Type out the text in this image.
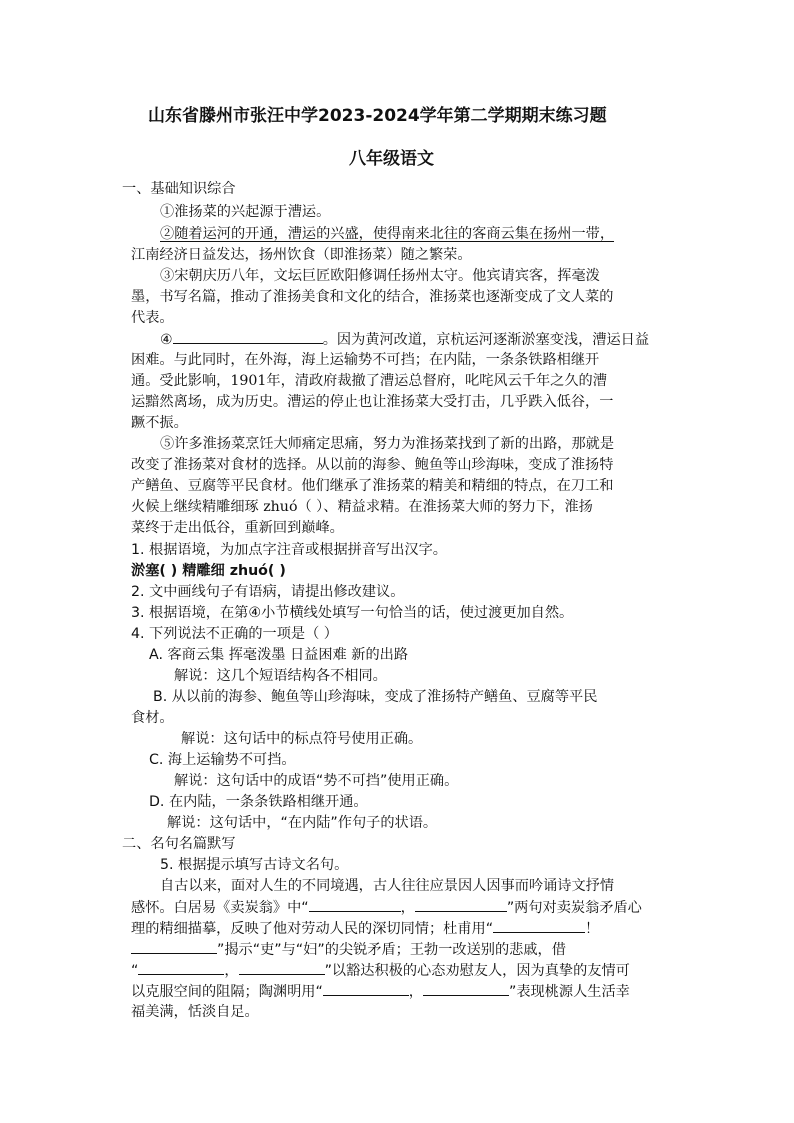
山东省滕州市张汪中学2023-2024学年第二学期期末练习题
八年级语文
一、基础知识综合
①淮扬菜的兴起源于漕运。
②随着运河的开通，漕运的兴盛，使得南来北往的客商云集在扬州一带，
江南经济日益发达，扬州饮食（即淮扬菜）随之繁荣。
③宋朝庆历八年，文坛巨匠欧阳修调任扬州太守。他宾请宾客，挥毫泼
墨，书写名篇，推动了淮扬美食和文化的结合，淮扬菜也逐渐变成了文人菜的
代表。
④	。因为黄河改道，京杭运河逐渐淤塞变浅，漕运日益
困难。与此同时，在外海，海上运输势不可挡；在内陆，一条条铁路相继开
通。受此影响，1901年，清政府裁撤了漕运总督府，叱咤风云千年之久的漕
运黯然离场，成为历史。漕运的停止也让淮扬菜大受打击，几乎跌入低谷，一
蹶不振。
⑤许多淮扬菜烹饪大师痛定思痛，努力为淮扬菜找到了新的出路，那就是
改变了淮扬菜对食材的选择。从以前的海参、鲍鱼等山珍海味，变成了淮扬特
产鳝鱼、豆腐等平民食材。他们继承了淮扬菜的精美和精细的特点，在刀工和
火候上继续精雕细琢 zhuó（ ）、精益求精。在淮扬菜大师的努力下，淮扬
菜终于走出低谷，重新回到巅峰。
1. 根据语境，为加点字注音或根据拼音写出汉字。
淤塞( ) 精雕细 zhuó( )
2. 文中画线句子有语病，请提出修改建议。
3. 根据语境，在第④小节横线处填写一句恰当的话，使过渡更加自然。
4. 下列说法不正确的一项是（ ）
A. 客商云集 挥毫泼墨 日益困难 新的出路
解说：这几个短语结构各不相同。
B. 从以前的海参、鲍鱼等山珍海味，变成了淮扬特产鳝鱼、豆腐等平民
食材。
解说：这句话中的标点符号使用正确。
C. 海上运输势不可挡。
解说：这句话中的成语“势不可挡”使用正确。
D. 在内陆，一条条铁路相继开通。
解说：这句话中，“在内陆”作句子的状语。
二、名句名篇默写
5. 根据提示填写古诗文名句。
自古以来，面对人生的不同境遇，古人往往应景因人因事而吟诵诗文抒情
感怀。白居易《卖炭翁》中“	，	”两句对卖炭翁矛盾心
理的精细描摹，反映了他对劳动人民的深切同情；杜甫用“	！
”揭示“吏”与“妇”的尖锐矛盾；王勃一改送别的悲戚，借
“	，	”以豁达积极的心态劝慰友人，因为真挚的友情可
以克服空间的阻隔；陶渊明用“	，	”表现桃源人生活幸
福美满，恬淡自足。
